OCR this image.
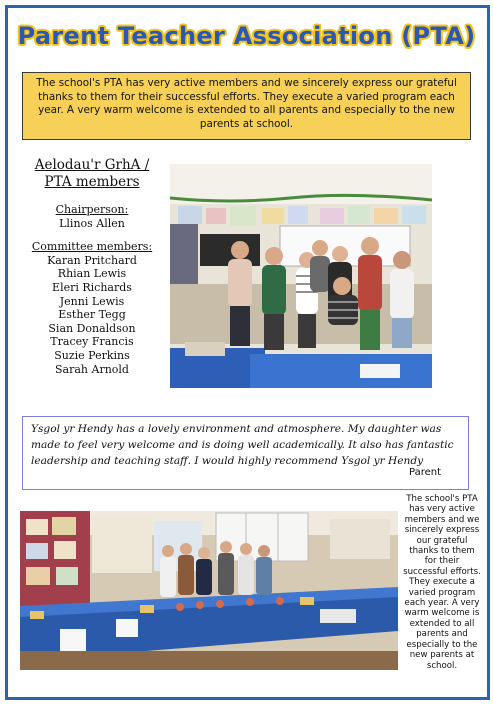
Parent Teacher Association (PTA)
The school's PTA has very active members and we sincerely express our grateful thanks to them for their successful efforts. They execute a varied program each year. A very warm welcome is extended to all parents and especially to the new parents at school.
Aelodau'r GrhA /
PTA members
Chairperson:
Llinos Allen
Committee members:
Karan Pritchard
Rhian Lewis
Eleri Richards
Jenni Lewis
Esther Tegg
Sian Donaldson
Tracey Francis
Suzie Perkins
Sarah Arnold
Ysgol yr Hendy has a lovely environment and atmosphere. My daughter was made to feel very welcome and is doing well academically. It also has fantastic leadership and teaching staff. I would highly recommend Ysgol yr Hendy
Parent
The school's PTA has very active members and we sincerely express our grateful thanks to them for their successful efforts. They execute a varied program each year. A very warm welcome is extended to all parents and especially to the new parents at school.
